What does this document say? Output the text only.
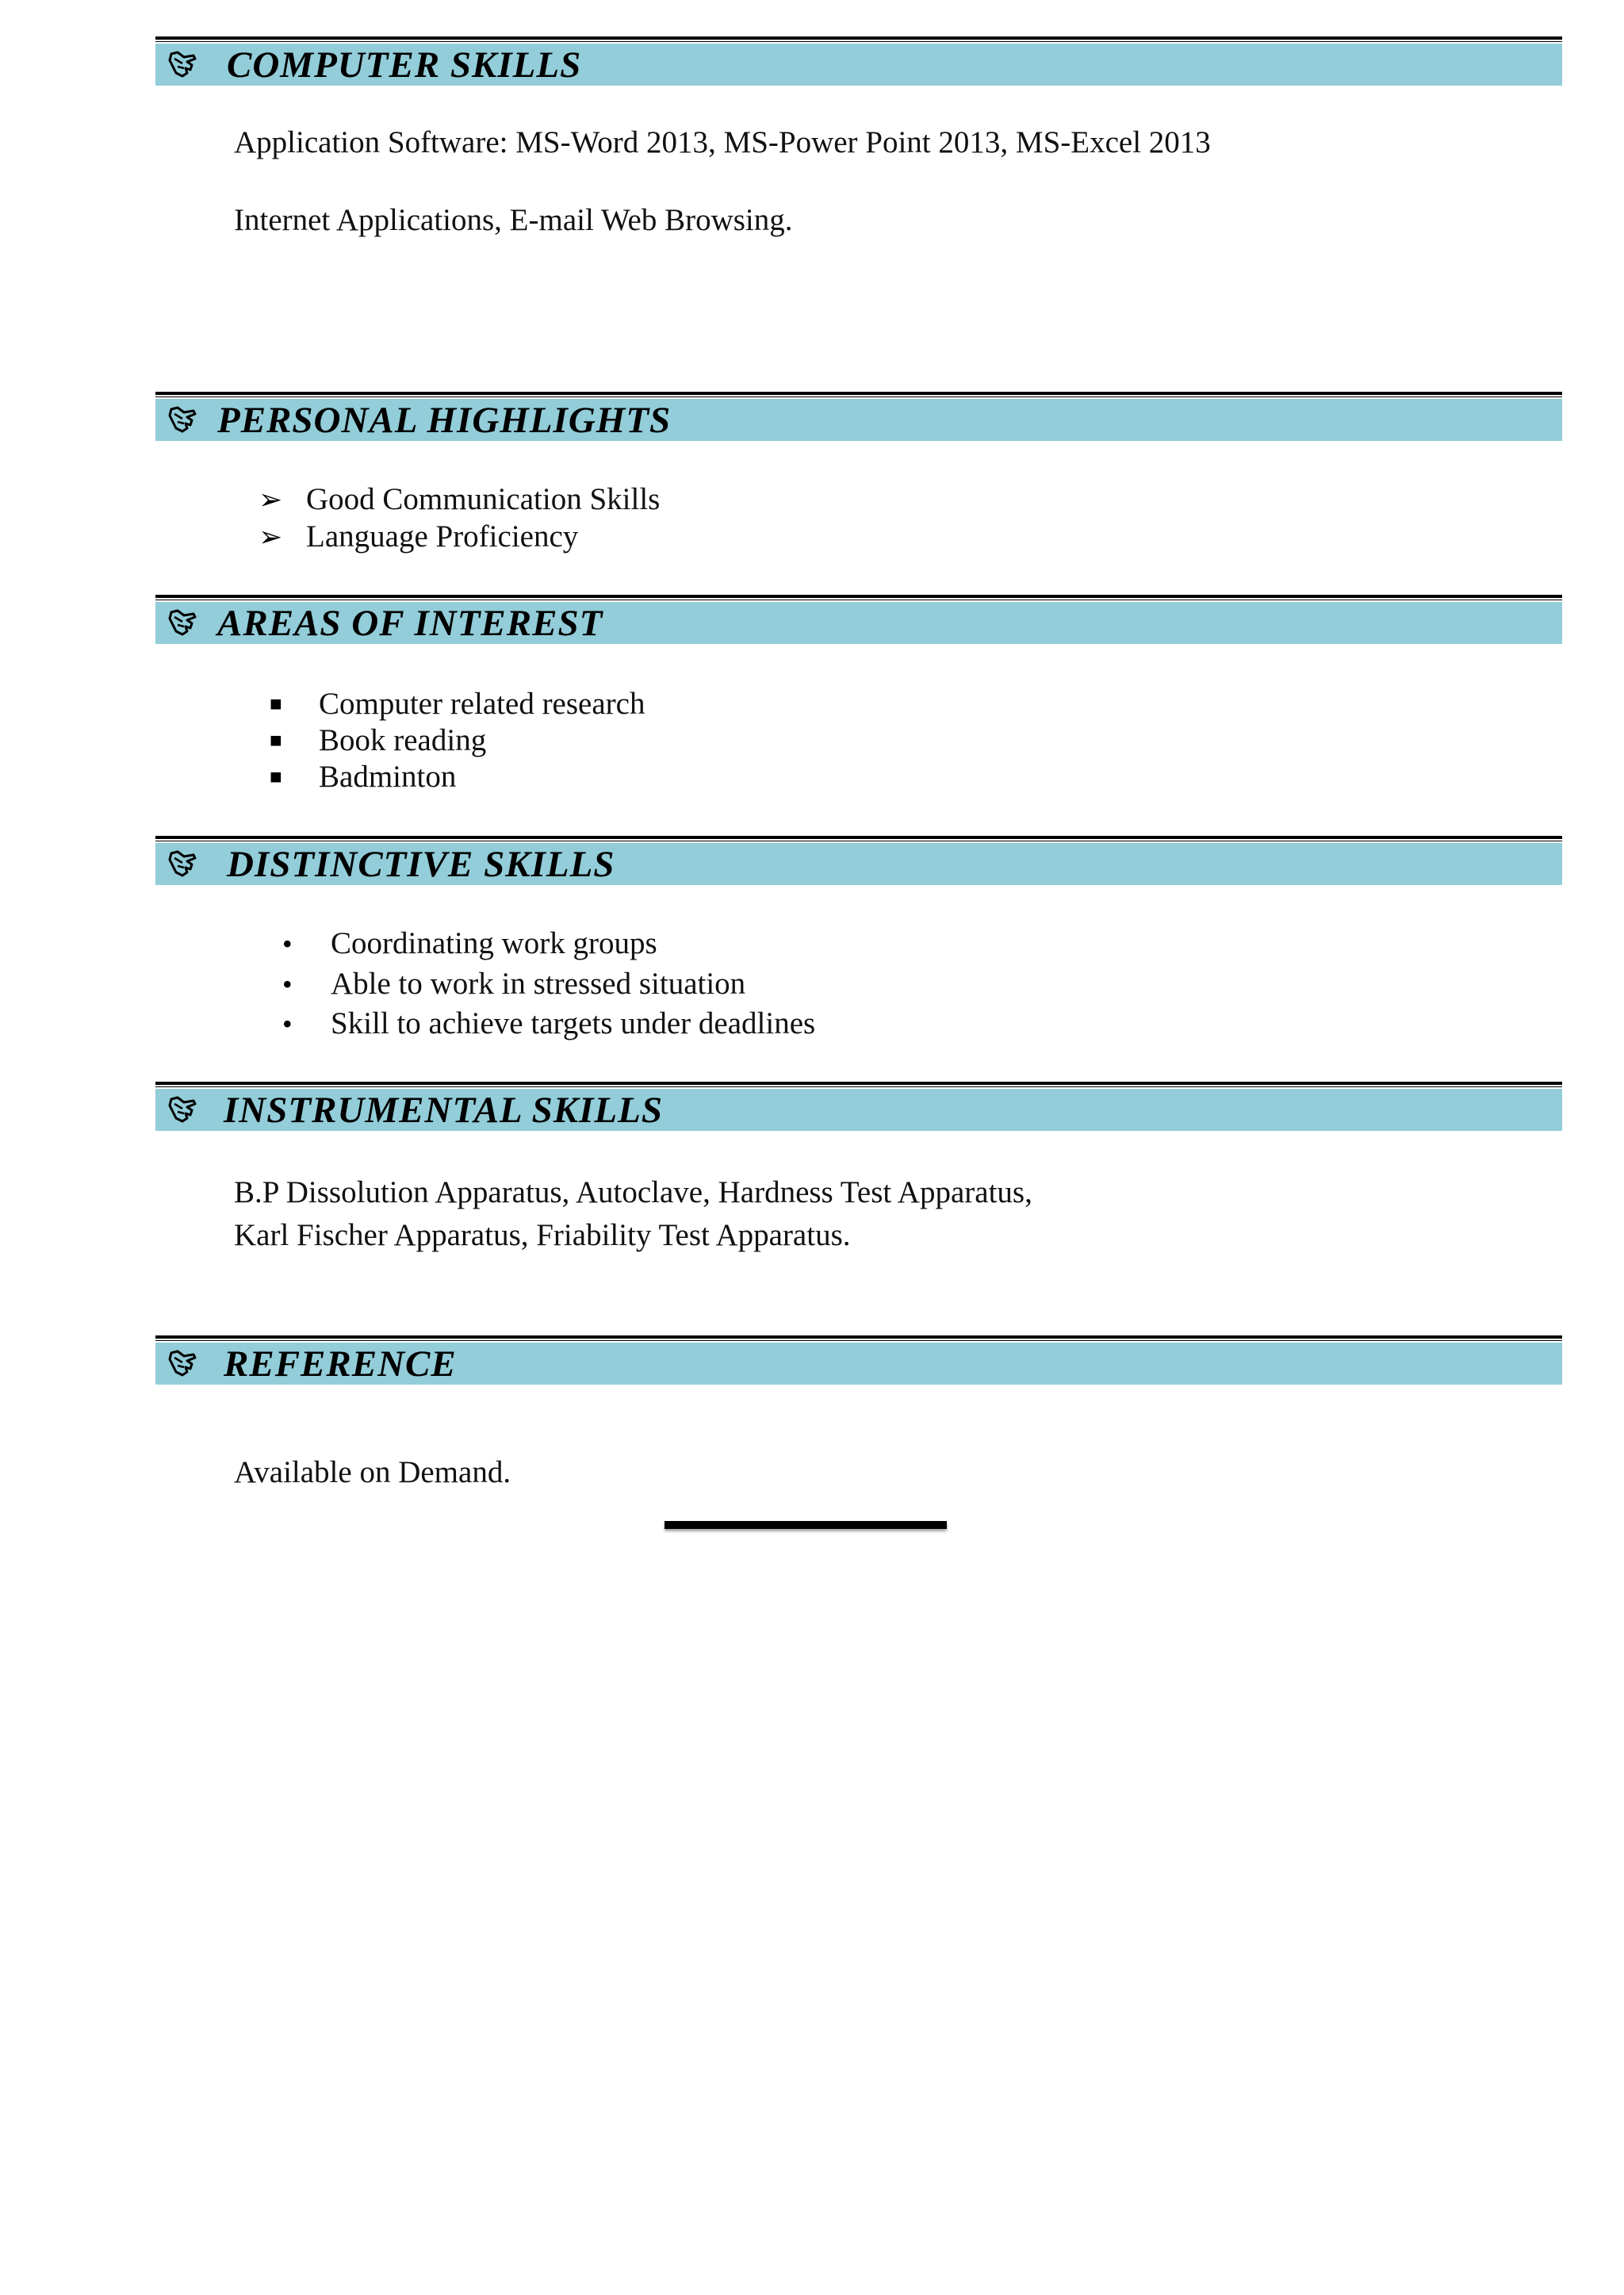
COMPUTER SKILLS
Application Software: MS-Word 2013, MS-Power Point 2013, MS-Excel 2013
Internet Applications, E-mail Web Browsing.
PERSONAL HIGHLIGHTS
➢ Good Communication Skills
➢ Language Proficiency
AREAS OF INTEREST
■ Computer related research
■ Book reading
■ Badminton
DISTINCTIVE SKILLS
• Coordinating work groups
• Able to work in stressed situation
• Skill to achieve targets under deadlines
INSTRUMENTAL SKILLS
B.P Dissolution Apparatus, Autoclave, Hardness Test Apparatus,
Karl Fischer Apparatus, Friability Test Apparatus.
REFERENCE
Available on Demand.
